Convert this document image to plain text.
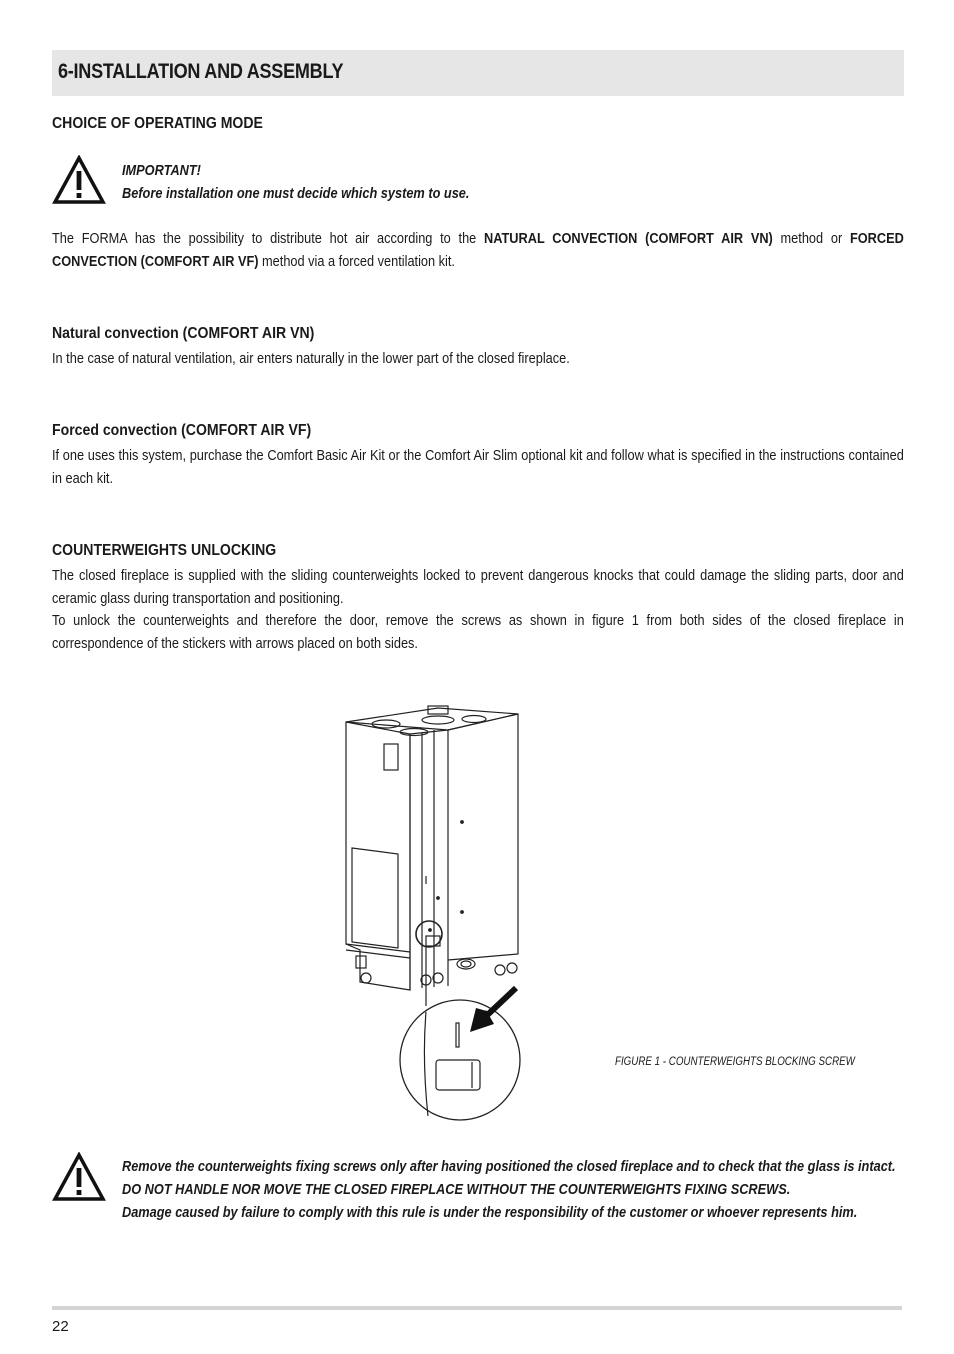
6-INSTALLATION AND ASSEMBLY
CHOICE OF OPERATING MODE
IMPORTANT!
Before installation one must decide which system to use.

The FORMA has the possibility to distribute hot air according to the NATURAL CONVECTION (COMFORT AIR VN) method or FORCED CONVECTION (COMFORT AIR VF) method via a forced ventilation kit.

Natural convection (COMFORT AIR VN)

In the case of natural ventilation, air enters naturally in the lower part of the closed fireplace.

Forced convection (COMFORT AIR VF)

If one uses this system, purchase the Comfort Basic Air Kit or the Comfort Air Slim optional kit and follow what is specified in the instructions contained in each kit.

COUNTERWEIGHTS UNLOCKING

The closed fireplace is supplied with the sliding counterweights locked to prevent dangerous knocks that could damage the sliding parts, door and ceramic glass during transportation and positioning.

To unlock the counterweights and therefore the door, remove the screws as shown in figure 1 from both sides of the closed fireplace in correspondence of the stickers with arrows placed on both sides.

FIGURE 1 - COUNTERWEIGHTS BLOCKING SCREW

Remove the counterweights fixing screws only after having positioned the closed fireplace and to check that the glass is intact.
DO NOT HANDLE NOR MOVE THE CLOSED FIREPLACE WITHOUT THE COUNTERWEIGHTS FIXING SCREWS.
Damage caused by failure to comply with this rule is under the responsibility of the customer or whoever represents him.

22
